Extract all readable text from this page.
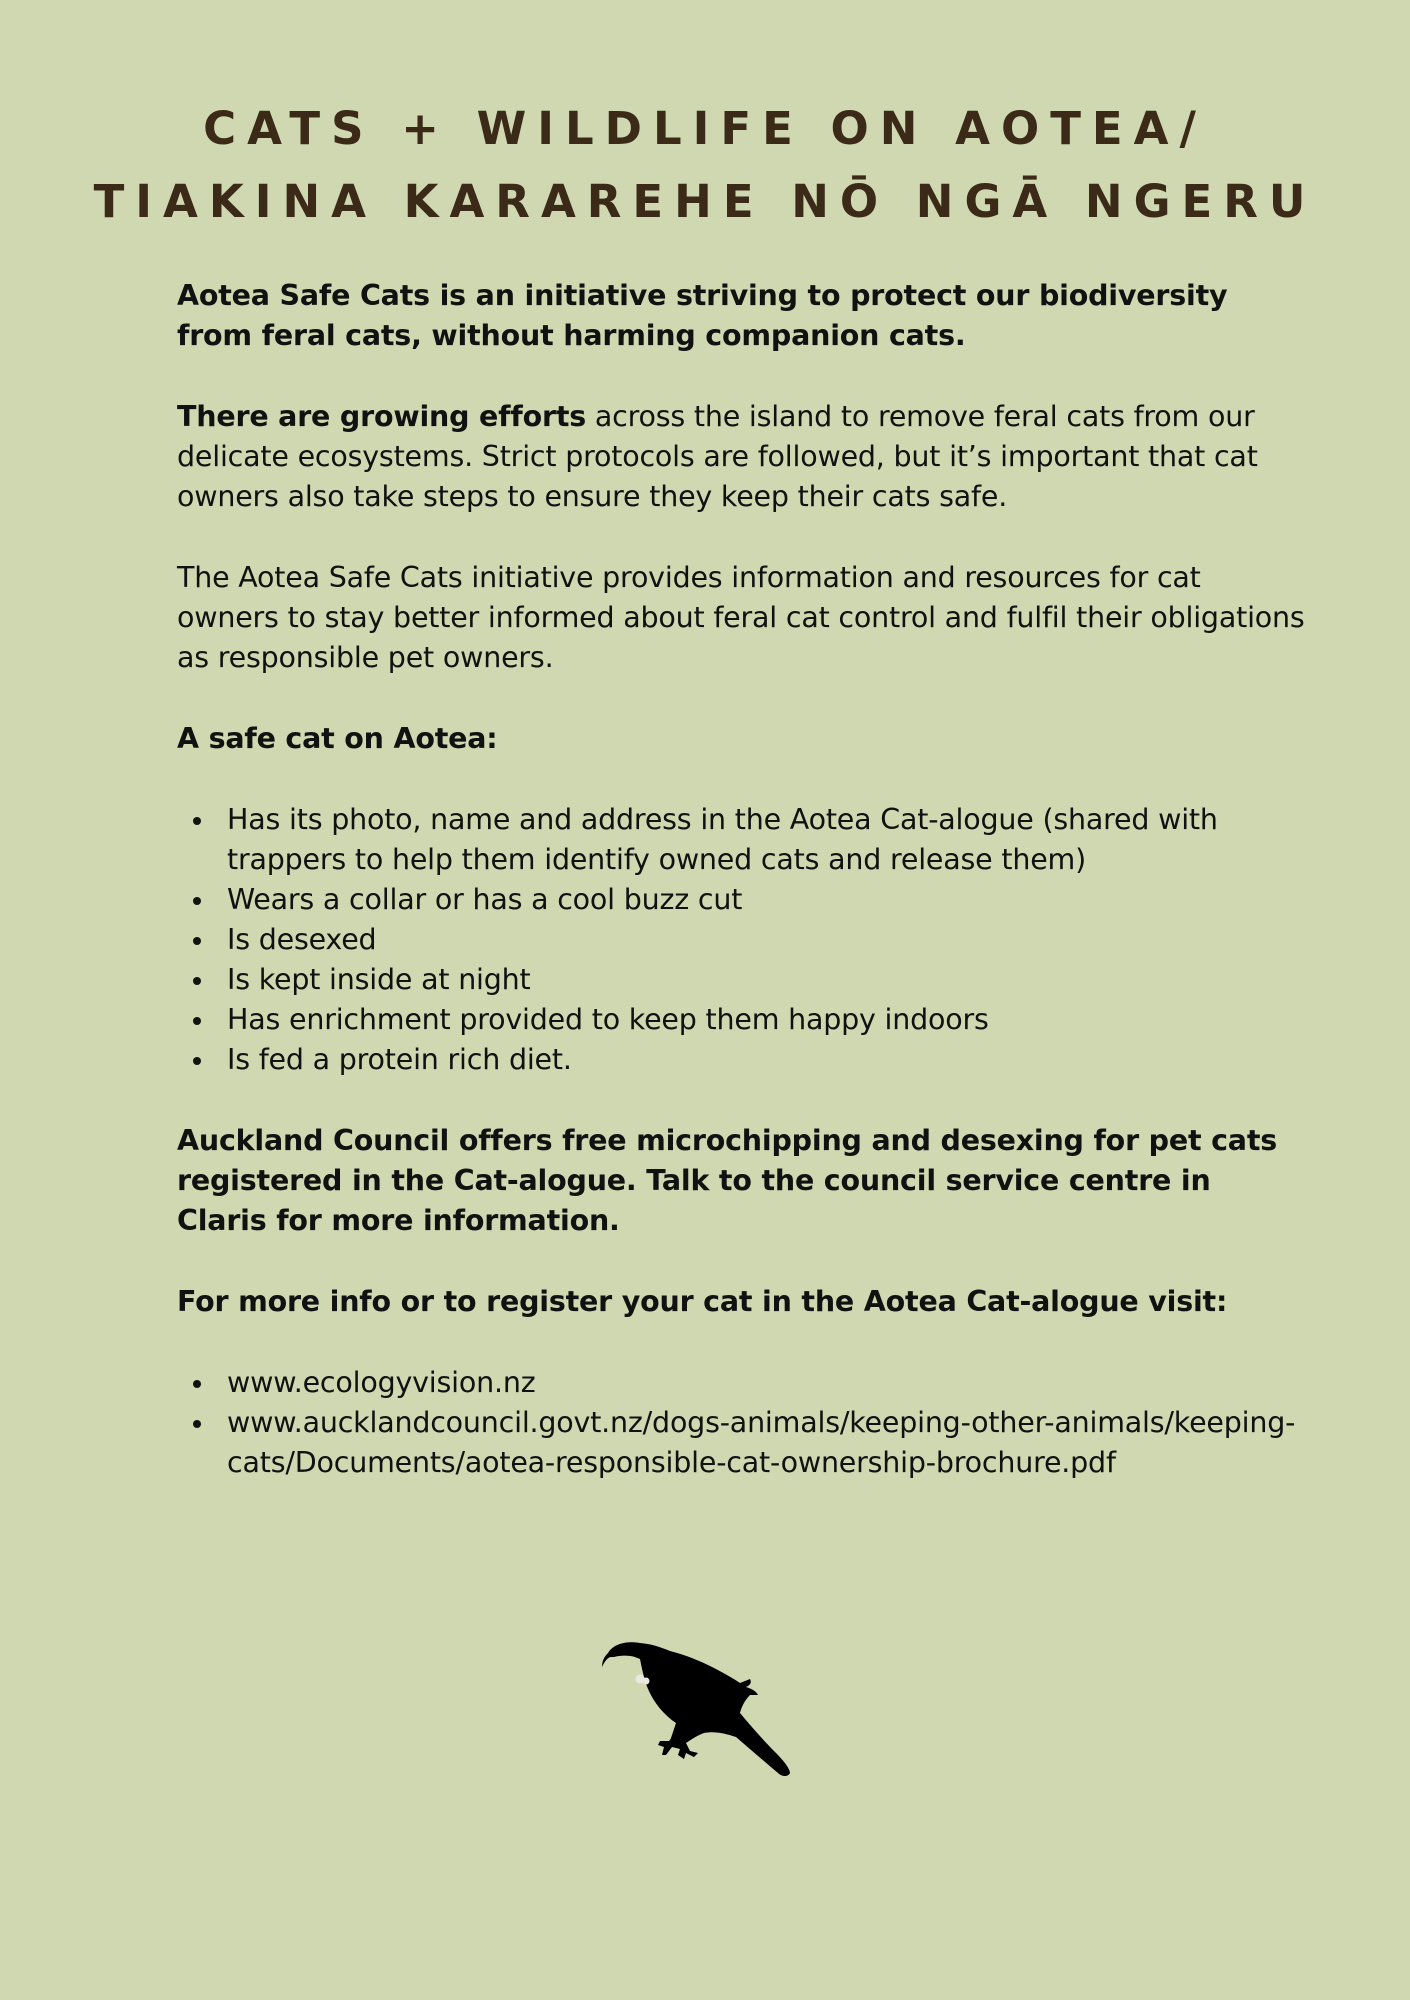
CATS + WILDLIFE ON AOTEA/
TIAKINA KARAREHE NŌ NGĀ NGERU

Aotea Safe Cats is an initiative striving to protect our biodiversity from feral cats, without harming companion cats.

There are growing efforts across the island to remove feral cats from our delicate ecosystems. Strict protocols are followed, but it’s important that cat owners also take steps to ensure they keep their cats safe.

The Aotea Safe Cats initiative provides information and resources for cat owners to stay better informed about feral cat control and fulfil their obligations as responsible pet owners.

A safe cat on Aotea:

Has its photo, name and address in the Aotea Cat-alogue (shared with trappers to help them identify owned cats and release them)
Wears a collar or has a cool buzz cut
Is desexed
Is kept inside at night
Has enrichment provided to keep them happy indoors
Is fed a protein rich diet.

Auckland Council offers free microchipping and desexing for pet cats registered in the Cat-alogue. Talk to the council service centre in Claris for more information.

For more info or to register your cat in the Aotea Cat-alogue visit:

www.ecologyvision.nz
www.aucklandcouncil.govt.nz/dogs-animals/keeping-other-animals/keeping-cats/Documents/aotea-responsible-cat-ownership-brochure.pdf
